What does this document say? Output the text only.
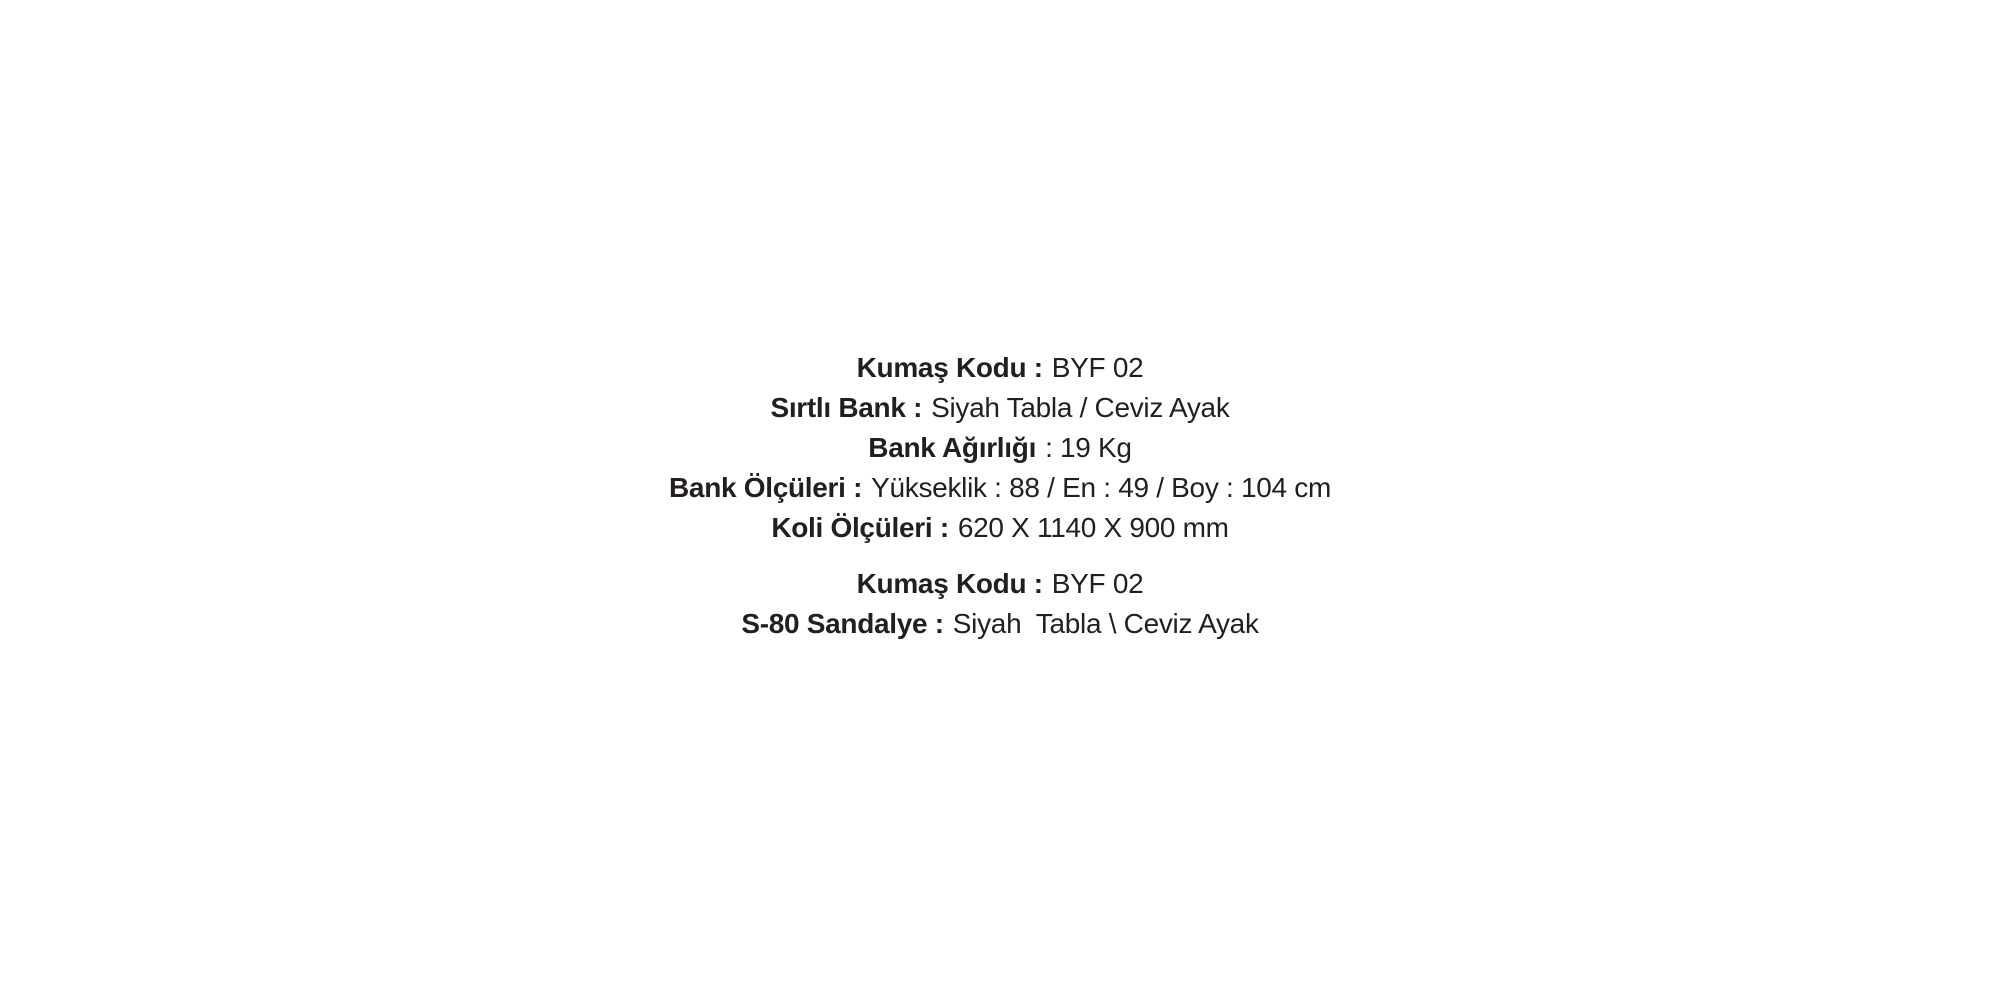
Kumaş Kodu : BYF 02
Sırtlı Bank : Siyah Tabla / Ceviz Ayak
Bank Ağırlığı : 19 Kg
Bank Ölçüleri : Yükseklik : 88 / En : 49 / Boy : 104 cm
Koli Ölçüleri : 620 X 1140 X 900 mm
Kumaş Kodu : BYF 02
S-80 Sandalye : Siyah  Tabla \ Ceviz Ayak
